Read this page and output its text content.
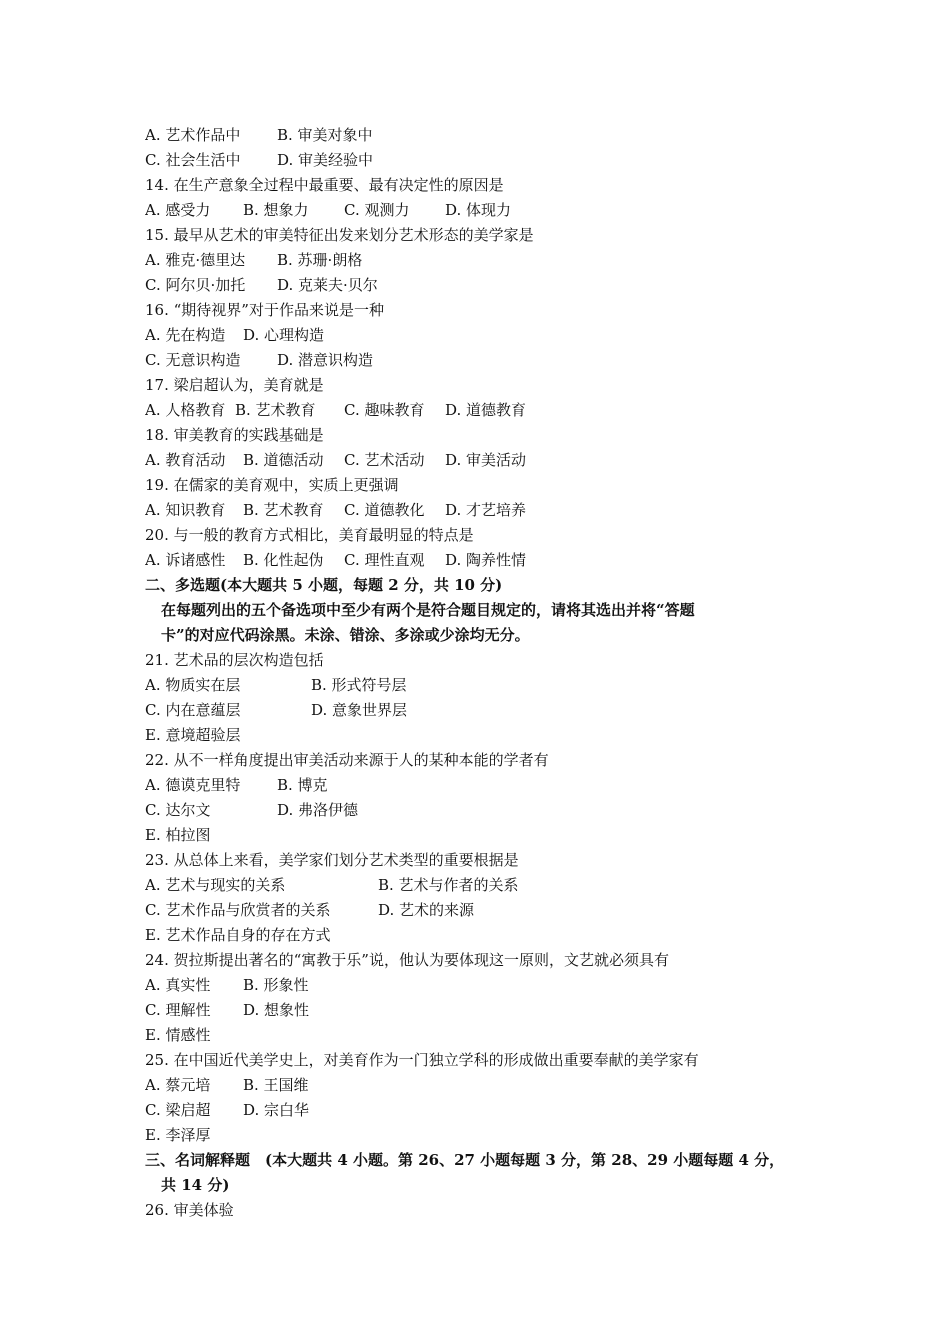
A. 艺术作品中 B. 审美对象中
C. 社会生活中 D. 审美经验中
14. 在生产意象全过程中最重要、最有决定性的原因是
A. 感受力 B. 想象力 C. 观测力 D. 体现力
15. 最早从艺术的审美特征出发来划分艺术形态的美学家是
A. 雅克·德里达 B. 苏珊·朗格
C. 阿尔贝·加托 D. 克莱夫·贝尔
16. “期待视界”对于作品来说是一种
A. 先在构造 D. 心理构造
C. 无意识构造 D. 潜意识构造
17. 梁启超认为，美育就是
A. 人格教育 B. 艺术教育 C. 趣味教育 D. 道德教育
18. 审美教育的实践基础是
A. 教育活动 B. 道德活动 C. 艺术活动 D. 审美活动
19. 在儒家的美育观中，实质上更强调
A. 知识教育 B. 艺术教育 C. 道德教化 D. 才艺培养
20. 与一般的教育方式相比，美育最明显的特点是
A. 诉诸感性 B. 化性起伪 C. 理性直观 D. 陶养性情
二、多选题(本大题共 5 小题，每题 2 分，共 10 分)
在每题列出的五个备选项中至少有两个是符合题目规定的，请将其选出并将“答题
卡”的对应代码涂黑。未涂、错涂、多涂或少涂均无分。
21. 艺术品的层次构造包括
A. 物质实在层	B. 形式符号层
C. 内在意蕴层	D. 意象世界层
E. 意境超验层
22. 从不一样角度提出审美活动来源于人的某种本能的学者有
A. 德谟克里特 B. 博克
C. 达尔文	D. 弗洛伊德
E. 柏拉图
23. 从总体上来看，美学家们划分艺术类型的重要根据是
A. 艺术与现实的关系	B. 艺术与作者的关系
C. 艺术作品与欣赏者的关系	D. 艺术的来源
E. 艺术作品自身的存在方式
24. 贺拉斯提出著名的“寓教于乐”说，他认为要体现这一原则，文艺就必须具有
A. 真实性 B. 形象性
C. 理解性 D. 想象性
E. 情感性
25. 在中国近代美学史上，对美育作为一门独立学科的形成做出重要奉献的美学家有
A. 蔡元培 B. 王国维
C. 梁启超 D. 宗白华
E. 李泽厚
三、名词解释题　(本大题共 4 小题。第 26、27 小题每题 3 分，第 28、29 小题每题 4 分，
共 14 分)
26. 审美体验
